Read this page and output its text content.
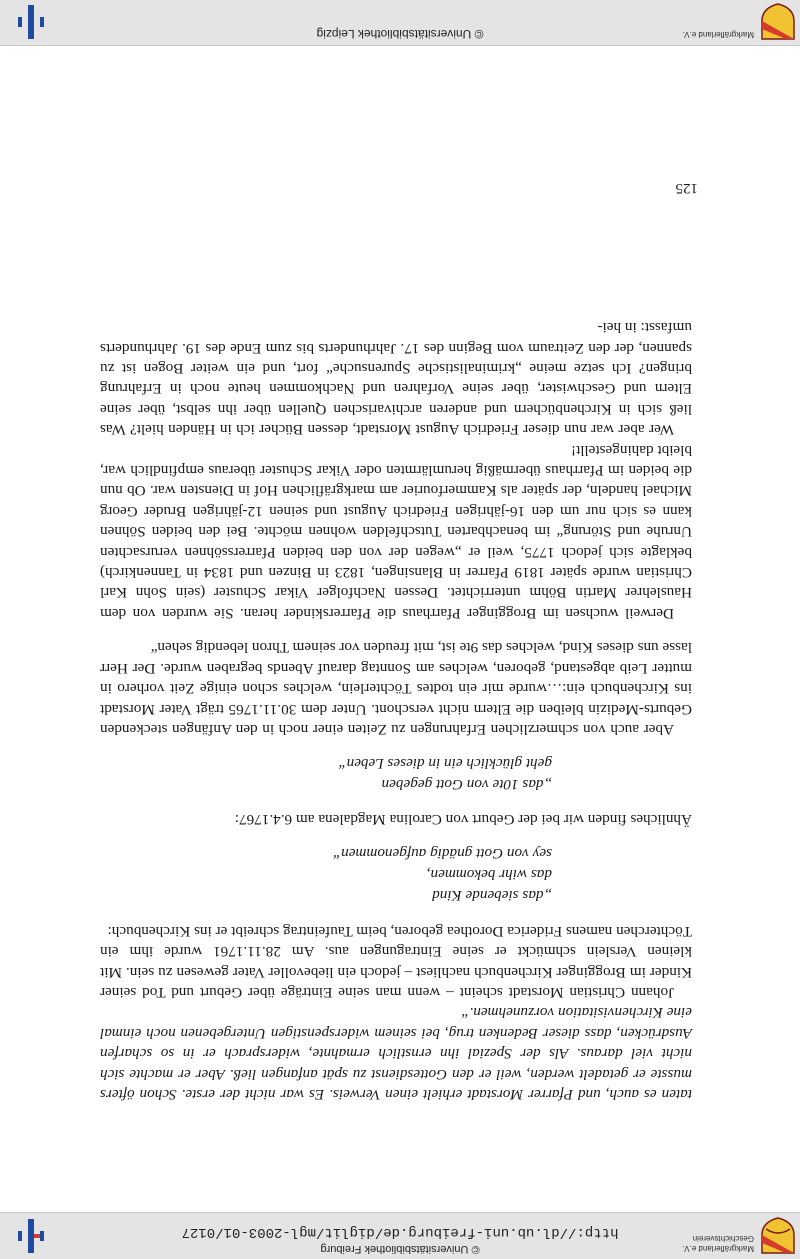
Markgräflerland e.V. Geschichtsverein
© Universitätsbibliothek Freiburg
http://dl.ub.uni-freiburg.de/diglit/mgl-2003-01/0127

taten es auch, und Pfarrer Morstadt erhielt einen Verweis. Es war nicht der erste. Schon öfters musste er getadelt werden, weil er den Gottesdienst zu spät anfangen ließ. Aber er machte sich nicht viel daraus. Als der Spezial ihn ernstlich ermahnte, widersprach er in so scharfen Ausdrücken, dass dieser Bedenken trug, bei seinem widerspenstigen Untergebenen noch einmal eine Kirchenvisitation vorzunehmen.“

Johann Christian Morstadt scheint – wenn man seine Einträge über Geburt und Tod seiner Kinder im Brogginger Kirchenbuch nachliest – jedoch ein liebevoller Vater gewesen zu sein. Mit kleinen Verslein schmückt er seine Eintragungen aus. Am 28.11.1761 wurde ihm ein Töchterchen namens Friderica Dorothea geboren, beim Taufeintrag schreibt er ins Kirchenbuch:

„das siebende Kind
das wihr bekommen,
sey von Gott gnädig aufgenommen“

Ähnliches finden wir bei der Geburt von Carolina Magdalena am 6.4.1767:

„das 10te von Gott gegeben
geht glücklich ein in dieses Leben“

Aber auch von schmerzlichen Erfahrungen zu Zeiten einer noch in den Anfängen steckenden Geburts-Medizin bleiben die Eltern nicht verschont. Unter dem 30.11.1765 trägt Vater Morstadt ins Kirchenbuch ein:…wurde mir ein todtes Töchterlein, welches schon einige Zeit vorhero in mutter Leib abgestand, geboren, welches am Sonntag darauf Abends begraben wurde. Der Herr lasse uns dieses Kind, welches das 9te ist, mit freuden vor seinem Thron lebendig sehen“

Derweil wuchsen im Brogginger Pfarrhaus die Pfarrerskinder heran. Sie wurden von dem Hauslehrer Martin Böhm unterrichtet. Dessen Nachfolger Vikar Schuster (sein Sohn Karl Christian wurde später 1819 Pfarrer in Blansingen, 1823 in Binzen und 1834 in Tannenkirch) beklagte sich jedoch 1775, weil er „wegen der von den beiden Pfarrerssöhnen verursachten Unruhe und Störung“ im benachbarten Tutschfelden wohnen möchte. Bei den beiden Söhnen kann es sich nur um den 16-jährigen Friedrich August und seinen 12-jährigen Bruder Georg Michael handeln, der später als Kammerfourier am markgräflichen Hof in Diensten war. Ob nun die beiden im Pfarrhaus übermäßig herumlärmten oder Vikar Schuster überaus empfindlich war, bleibt dahingestellt!

Wer aber war nun dieser Friedrich August Morstadt, dessen Bücher ich in Händen hielt? Was ließ sich in Kirchenbüchern und anderen archivarischen Quellen über ihn selbst, über seine Eltern und Geschwister, über seine Vorfahren und Nachkommen heute noch in Erfahrung bringen? Ich setze meine „kriminalistische Spurensuche“ fort, und ein weiter Bogen ist zu spannen, der den Zeitraum vom Beginn des 17. Jahrhunderts bis zum Ende des 19. Jahrhunderts umfasst: in hei-

125
Markgräflerland e.V.
© Universitätsbibliothek Leipzig
